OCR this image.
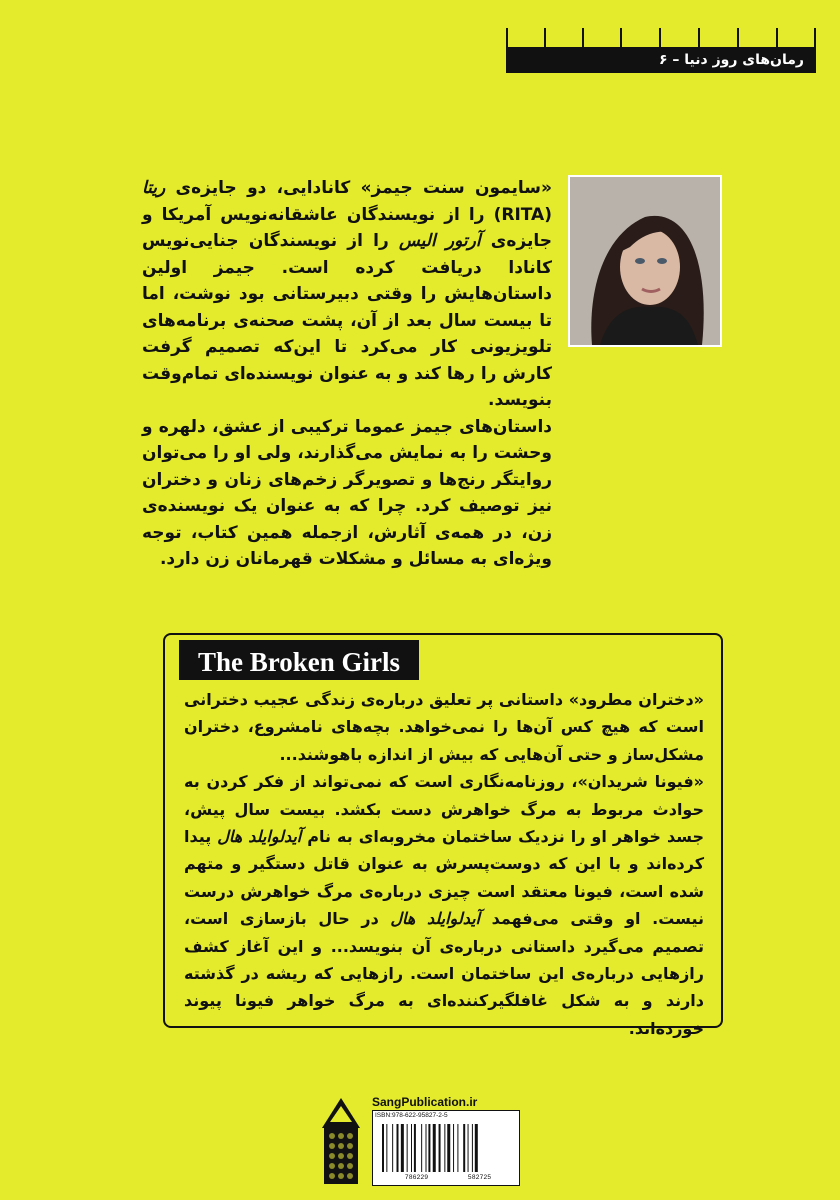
رمان‌های روز دنیا – ۶

«سایمون سنت جیمز» کانادایی، دو جایزه‌ی ریتا (RITA) را از نویسندگان عاشقانه‌نویس آمریکا و جایزه‌ی آرتور الیس را از نویسندگان جنایی‌نویس کانادا دریافت کرده است. جیمز اولین داستان‌هایش را وقتی دبیرستانی بود نوشت، اما تا بیست سال بعد از آن، پشت صحنه‌ی برنامه‌های تلویزیونی کار می‌کرد تا این‌که تصمیم گرفت کارش را رها کند و به عنوان نویسنده‌ای تمام‌وقت بنویسد.

داستان‌های جیمز عموما ترکیبی از عشق، دلهره و وحشت را به نمایش می‌گذارند، ولی او را می‌توان روایتگر رنج‌ها و تصویرگر زخم‌های زنان و دختران نیز توصیف کرد. چرا که به عنوان یک نویسنده‌ی زن، در همه‌ی آثارش، ازجمله همین کتاب، توجه ویژه‌ای به مسائل و مشکلات قهرمانان زن دارد.

The Broken Girls

«دختران مطرود» داستانی پر تعلیق درباره‌ی زندگی عجیب دخترانی است که هیچ کس آن‌ها را نمی‌خواهد. بچه‌های نامشروع، دختران مشکل‌ساز و حتی آن‌هایی که بیش از اندازه باهوشند...

«فیونا شریدان»، روزنامه‌نگاری است که نمی‌تواند از فکر کردن به حوادث مربوط به مرگ خواهرش دست بکشد. بیست سال پیش، جسد خواهر او را نزدیک ساختمان مخروبه‌ای به نام آیدلوایلد هال پیدا کرده‌اند و با این که دوست‌پسرش به عنوان قاتل دستگیر و متهم شده است، فیونا معتقد است چیزی درباره‌ی مرگ خواهرش درست نیست. او وقتی می‌فهمد آیدلوایلد هال در حال بازسازی است، تصمیم می‌گیرد داستانی درباره‌ی آن بنویسد... و این آغاز کشف رازهایی درباره‌ی این ساختمان است. رازهایی که ریشه در گذشته دارند و به شکل غافلگیرکننده‌ای به مرگ خواهر فیونا پیوند خورده‌اند.

SangPublication.ir
ISBN:978-622-95827-2-5
786229	582725
